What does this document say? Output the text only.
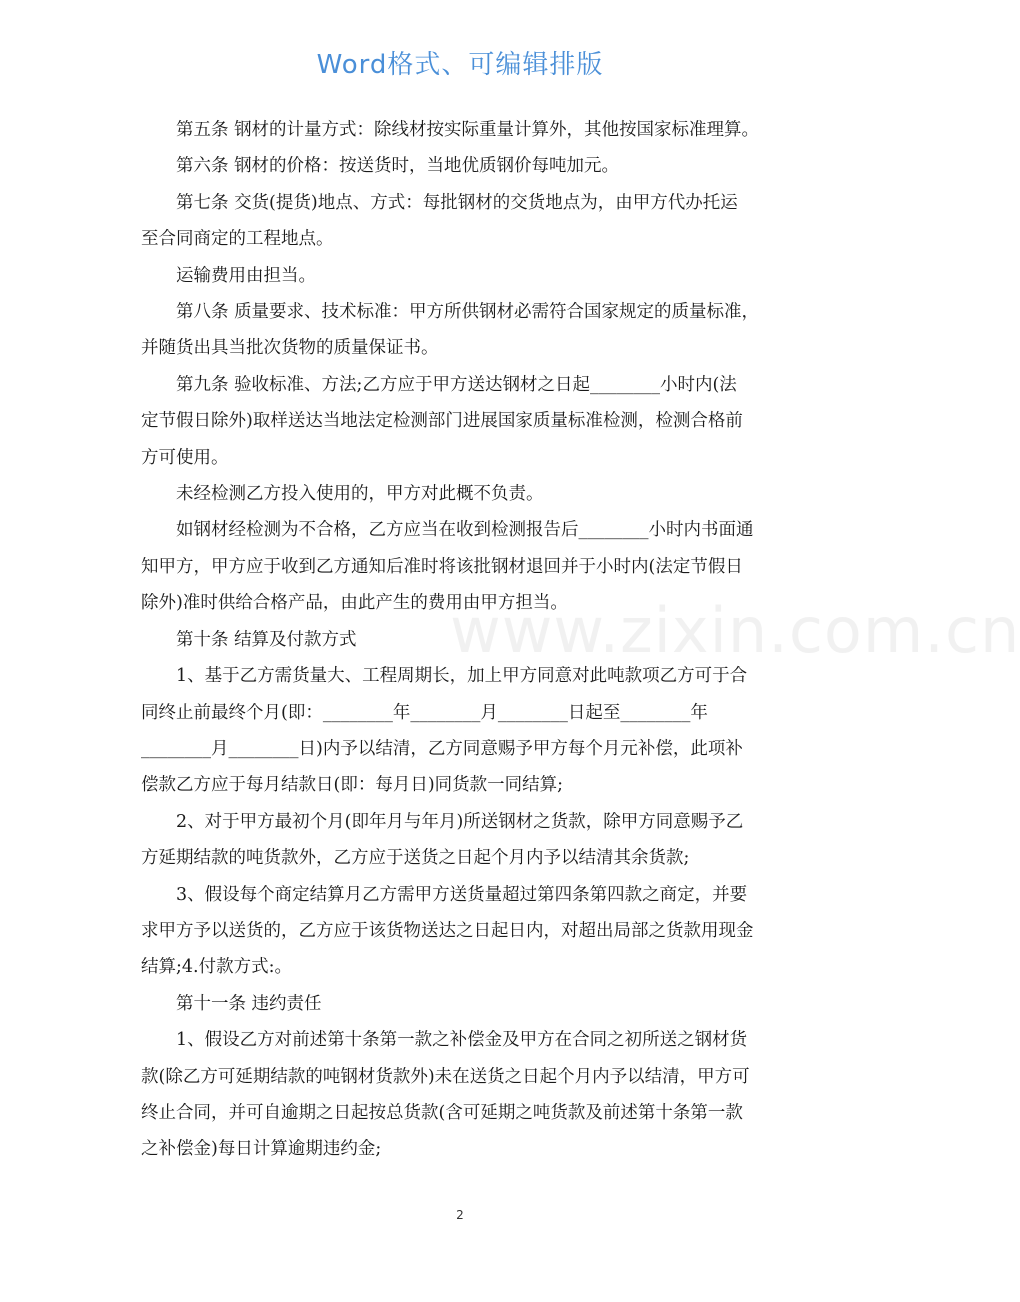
Word格式、可编辑排版
www.zixin.com.cn
第五条 钢材的计量方式：除线材按实际重量计算外，其他按国家标准理算。
第六条 钢材的价格：按送货时，当地优质钢价每吨加元。
第七条 交货(提货)地点、方式：每批钢材的交货地点为，由甲方代办托运
至合同商定的工程地点。
运输费用由担当。
第八条 质量要求、技术标准：甲方所供钢材必需符合国家规定的质量标准，
并随货出具当批次货物的质量保证书。
第九条 验收标准、方法;乙方应于甲方送达钢材之日起________小时内(法
定节假日除外)取样送达当地法定检测部门进展国家质量标准检测，检测合格前
方可使用。
未经检测乙方投入使用的，甲方对此概不负责。
如钢材经检测为不合格，乙方应当在收到检测报告后________小时内书面通
知甲方，甲方应于收到乙方通知后准时将该批钢材退回并于小时内(法定节假日
除外)准时供给合格产品，由此产生的费用由甲方担当。
第十条 结算及付款方式
1、基于乙方需货量大、工程周期长，加上甲方同意对此吨款项乙方可于合
同终止前最终个月(即：________年________月________日起至________年
________月________日)内予以结清，乙方同意赐予甲方每个月元补偿，此项补
偿款乙方应于每月结款日(即：每月日)同货款一同结算;
2、对于甲方最初个月(即年月与年月)所送钢材之货款，除甲方同意赐予乙
方延期结款的吨货款外，乙方应于送货之日起个月内予以结清其余货款;
3、假设每个商定结算月乙方需甲方送货量超过第四条第四款之商定，并要
求甲方予以送货的，乙方应于该货物送达之日起日内，对超出局部之货款用现金
结算;4.付款方式:。
第十一条 违约责任
1、假设乙方对前述第十条第一款之补偿金及甲方在合同之初所送之钢材货
款(除乙方可延期结款的吨钢材货款外)未在送货之日起个月内予以结清，甲方可
终止合同，并可自逾期之日起按总货款(含可延期之吨货款及前述第十条第一款
之补偿金)每日计算逾期违约金;
2
